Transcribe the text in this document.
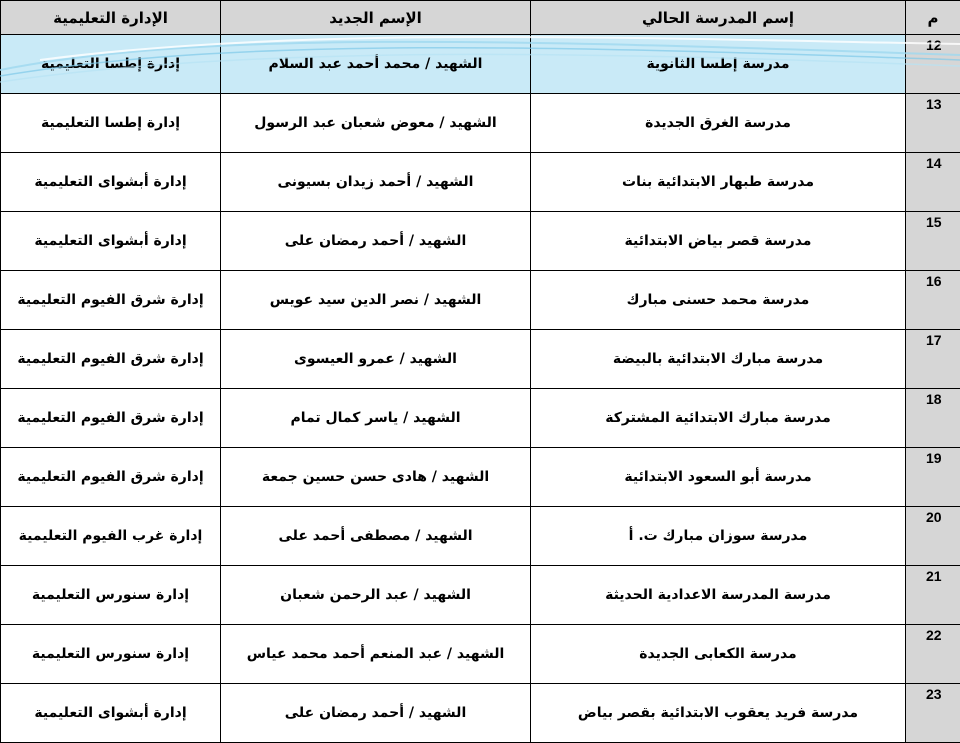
م	إسم المدرسة الحالي	الإسم الجديد	الإدارة التعليمية
12	مدرسة إطسا الثانوية	الشهيد / محمد أحمد عبد السلام	إدارة إطسا التعليمية
13	مدرسة الغرق الجديدة	الشهيد / معوض شعبان عبد الرسول	إدارة إطسا التعليمية
14	مدرسة طبهار الابتدائية بنات	الشهيد / أحمد زيدان بسيونى	إدارة أبشواى التعليمية
15	مدرسة قصر بياض الابتدائية	الشهيد / أحمد رمضان على	إدارة أبشواى التعليمية
16	مدرسة محمد حسنى مبارك	الشهيد / نصر الدين سيد عويس	إدارة شرق الفيوم التعليمية
17	مدرسة مبارك الابتدائية بالبيضة	الشهيد / عمرو العيسوى	إدارة شرق الفيوم التعليمية
18	مدرسة مبارك الابتدائية المشتركة	الشهيد / ياسر كمال تمام	إدارة شرق الفيوم التعليمية
19	مدرسة أبو السعود الابتدائية	الشهيد / هادى حسن حسين جمعة	إدارة شرق الفيوم التعليمية
20	مدرسة سوزان مبارك ت. أ	الشهيد / مصطفى أحمد على	إدارة غرب الفيوم التعليمية
21	مدرسة المدرسة الاعدادية الحديثة	الشهيد / عبد الرحمن شعبان	إدارة سنورس التعليمية
22	مدرسة الكعابى الجديدة	الشهيد / عبد المنعم أحمد محمد عياس	إدارة سنورس التعليمية
23	مدرسة فريد يعقوب الابتدائية بقصر بياض	الشهيد / أحمد رمضان على	إدارة أبشواى التعليمية
